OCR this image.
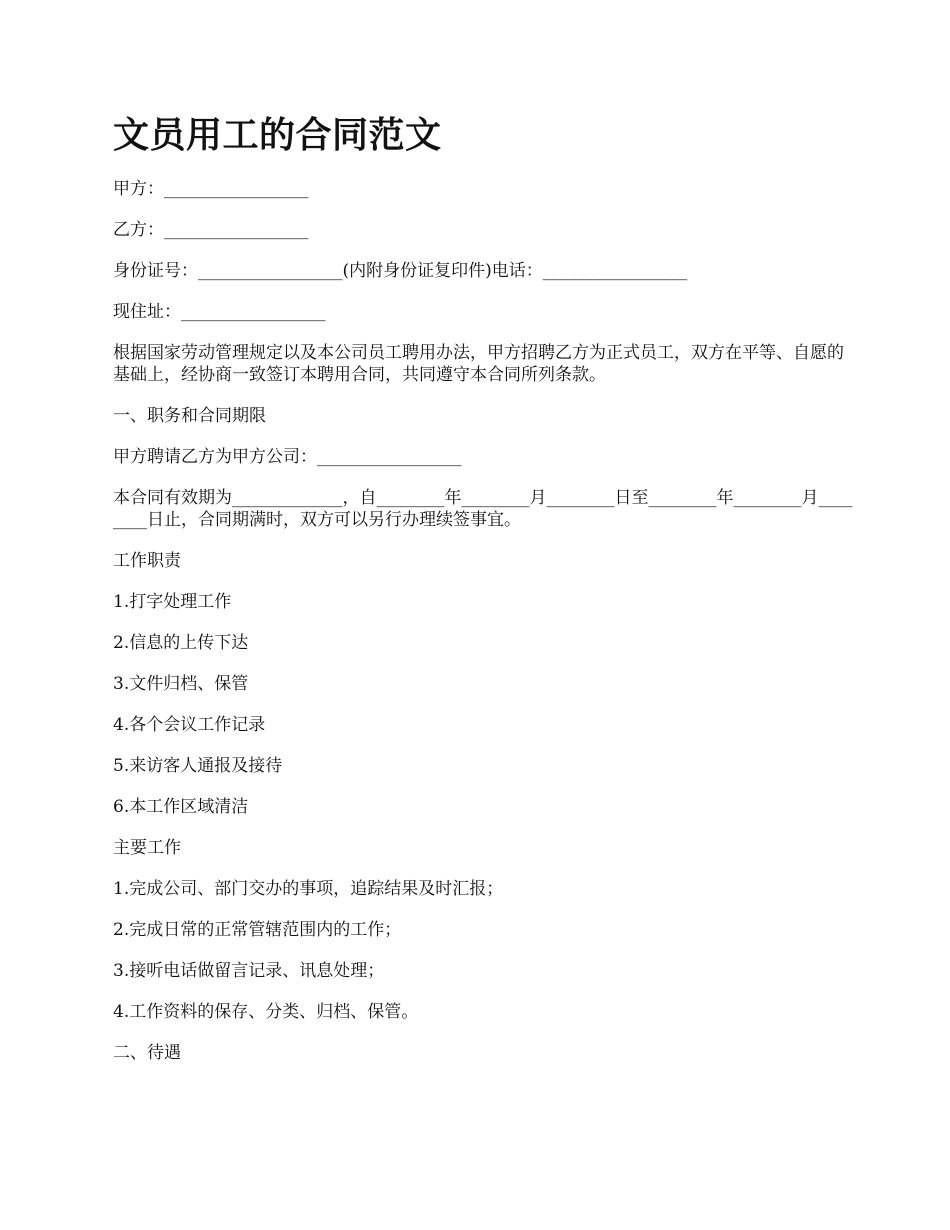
文员用工的合同范文

甲方：_________________

乙方：_________________

身份证号：_________________(内附身份证复印件)电话：_________________

现住址：_________________

根据国家劳动管理规定以及本公司员工聘用办法，甲方招聘乙方为正式员工，双方在平等、自愿的基础上，经协商一致签订本聘用合同，共同遵守本合同所列条款。

一、职务和合同期限

甲方聘请乙方为甲方公司：_________________

本合同有效期为_____________，自________年________月________日至________年________月________日止，合同期满时，双方可以另行办理续签事宜。

工作职责

1.打字处理工作

2.信息的上传下达

3.文件归档、保管

4.各个会议工作记录

5.来访客人通报及接待

6.本工作区域清洁

主要工作

1.完成公司、部门交办的事项，追踪结果及时汇报；

2.完成日常的正常管辖范围内的工作；

3.接听电话做留言记录、讯息处理；

4.工作资料的保存、分类、归档、保管。

二、待遇
